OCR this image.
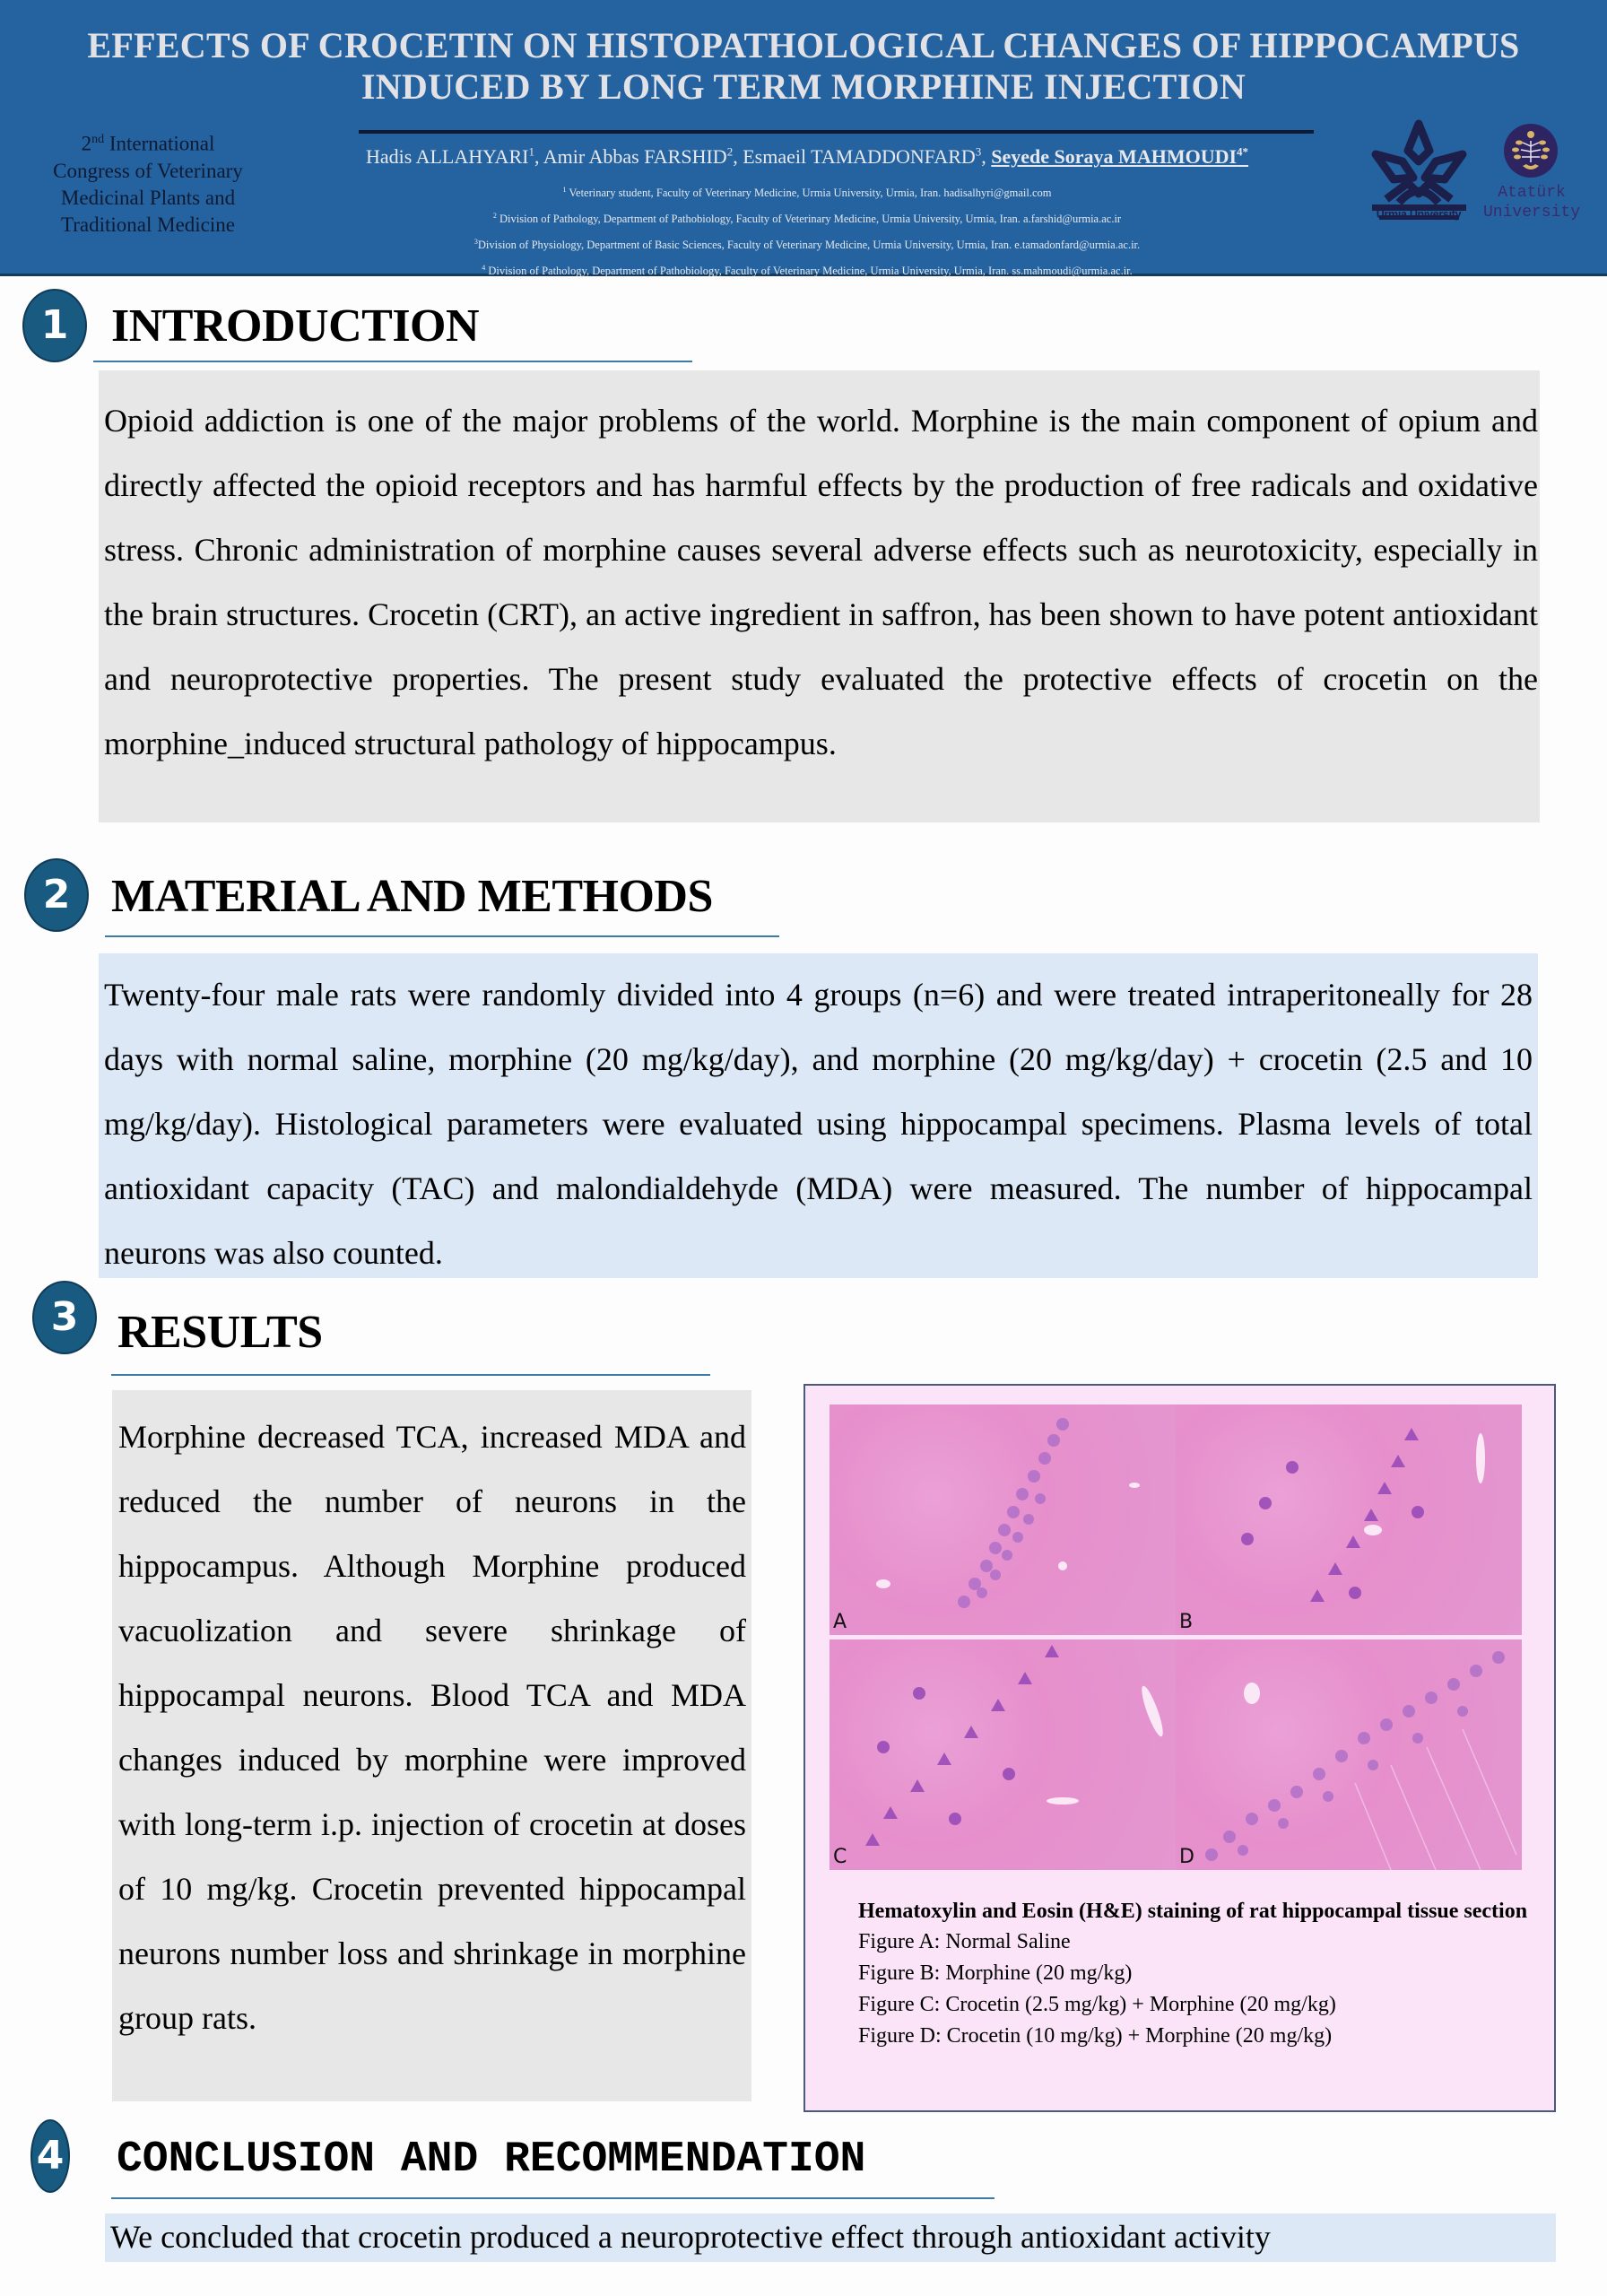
EFFECTS OF CROCETIN ON HISTOPATHOLOGICAL CHANGES OF HIPPOCAMPUS
INDUCED BY LONG TERM MORPHINE INJECTION
2nd International
Congress of Veterinary
Medicinal Plants and
Traditional Medicine
Hadis ALLAHYARI$^1$, Amir Abbas FARSHID$^2$, Esmaeil TAMADDONFARD$^3$, Seyede Soraya $MAHMOUDI^{4*}$
$^1$ Veterinary student, Faculty of Veterinary Medicine, Urmia University, Urmia, Iran. hadisalhyri@gmail.com
$^2$ Division of Pathology, Department of Pathobiology, Faculty of Veterinary Medicine, Urmia University, Urmia, Iran. a.farshid@urmia.ac.ir
$^3$Division of Physiology, Department of Basic Sciences, Faculty of Veterinary Medicine, Urmia University, Urmia, Iran. e.tamadonfard@urmia.ac.ir.
$^4$ Division of Pathology, Department of Pathobiology, Faculty of Veterinary Medicine, Urmia University, Urmia, Iran. ss.mahmoudi@urmia.ac.ir.
Urmia University
Atatürk
University
1 INTRODUCTION

Opioid addiction is one of the major problems of the world. Morphine is the main component of opium and directly affected the opioid receptors and has harmful effects by the production of free radicals and oxidative stress. Chronic administration of morphine causes several adverse effects such as neurotoxicity, especially in the brain structures. Crocetin (CRT), an active ingredient in saffron, has been shown to have potent antioxidant and neuroprotective properties. The present study evaluated the protective effects of crocetin on the morphine_induced structural pathology of hippocampus.

2 MATERIAL AND METHODS

Twenty-four male rats were randomly divided into 4 groups (n=6) and were treated intraperitoneally for 28 days with normal saline, morphine (20 mg/kg/day), and morphine (20 mg/kg/day) + crocetin (2.5 and 10 mg/kg/day). Histological parameters were evaluated using hippocampal specimens. Plasma levels of total antioxidant capacity (TAC) and malondialdehyde (MDA) were measured. The number of hippocampal neurons was also counted.

3 RESULTS

Morphine decreased TCA, increased MDA and reduced the number of neurons in the hippocampus. Although Morphine produced vacuolization and severe shrinkage of hippocampal neurons. Blood TCA and MDA changes induced by morphine were improved with long-term i.p. injection of crocetin at doses of 10 mg/kg. Crocetin prevented hippocampal neurons number loss and shrinkage in morphine group rats.

A	B
C	D
Hematoxylin and Eosin (H&E) staining of rat hippocampal tissue section
Figure A: Normal Saline
Figure B: Morphine (20 mg/kg)
Figure C: Crocetin (2.5 mg/kg) + Morphine (20 mg/kg)
Figure D: Crocetin (10 mg/kg) + Morphine (20 mg/kg)
4 CONCLUSION AND RECOMMENDATION

We concluded that crocetin produced a neuroprotective effect through antioxidant activity
